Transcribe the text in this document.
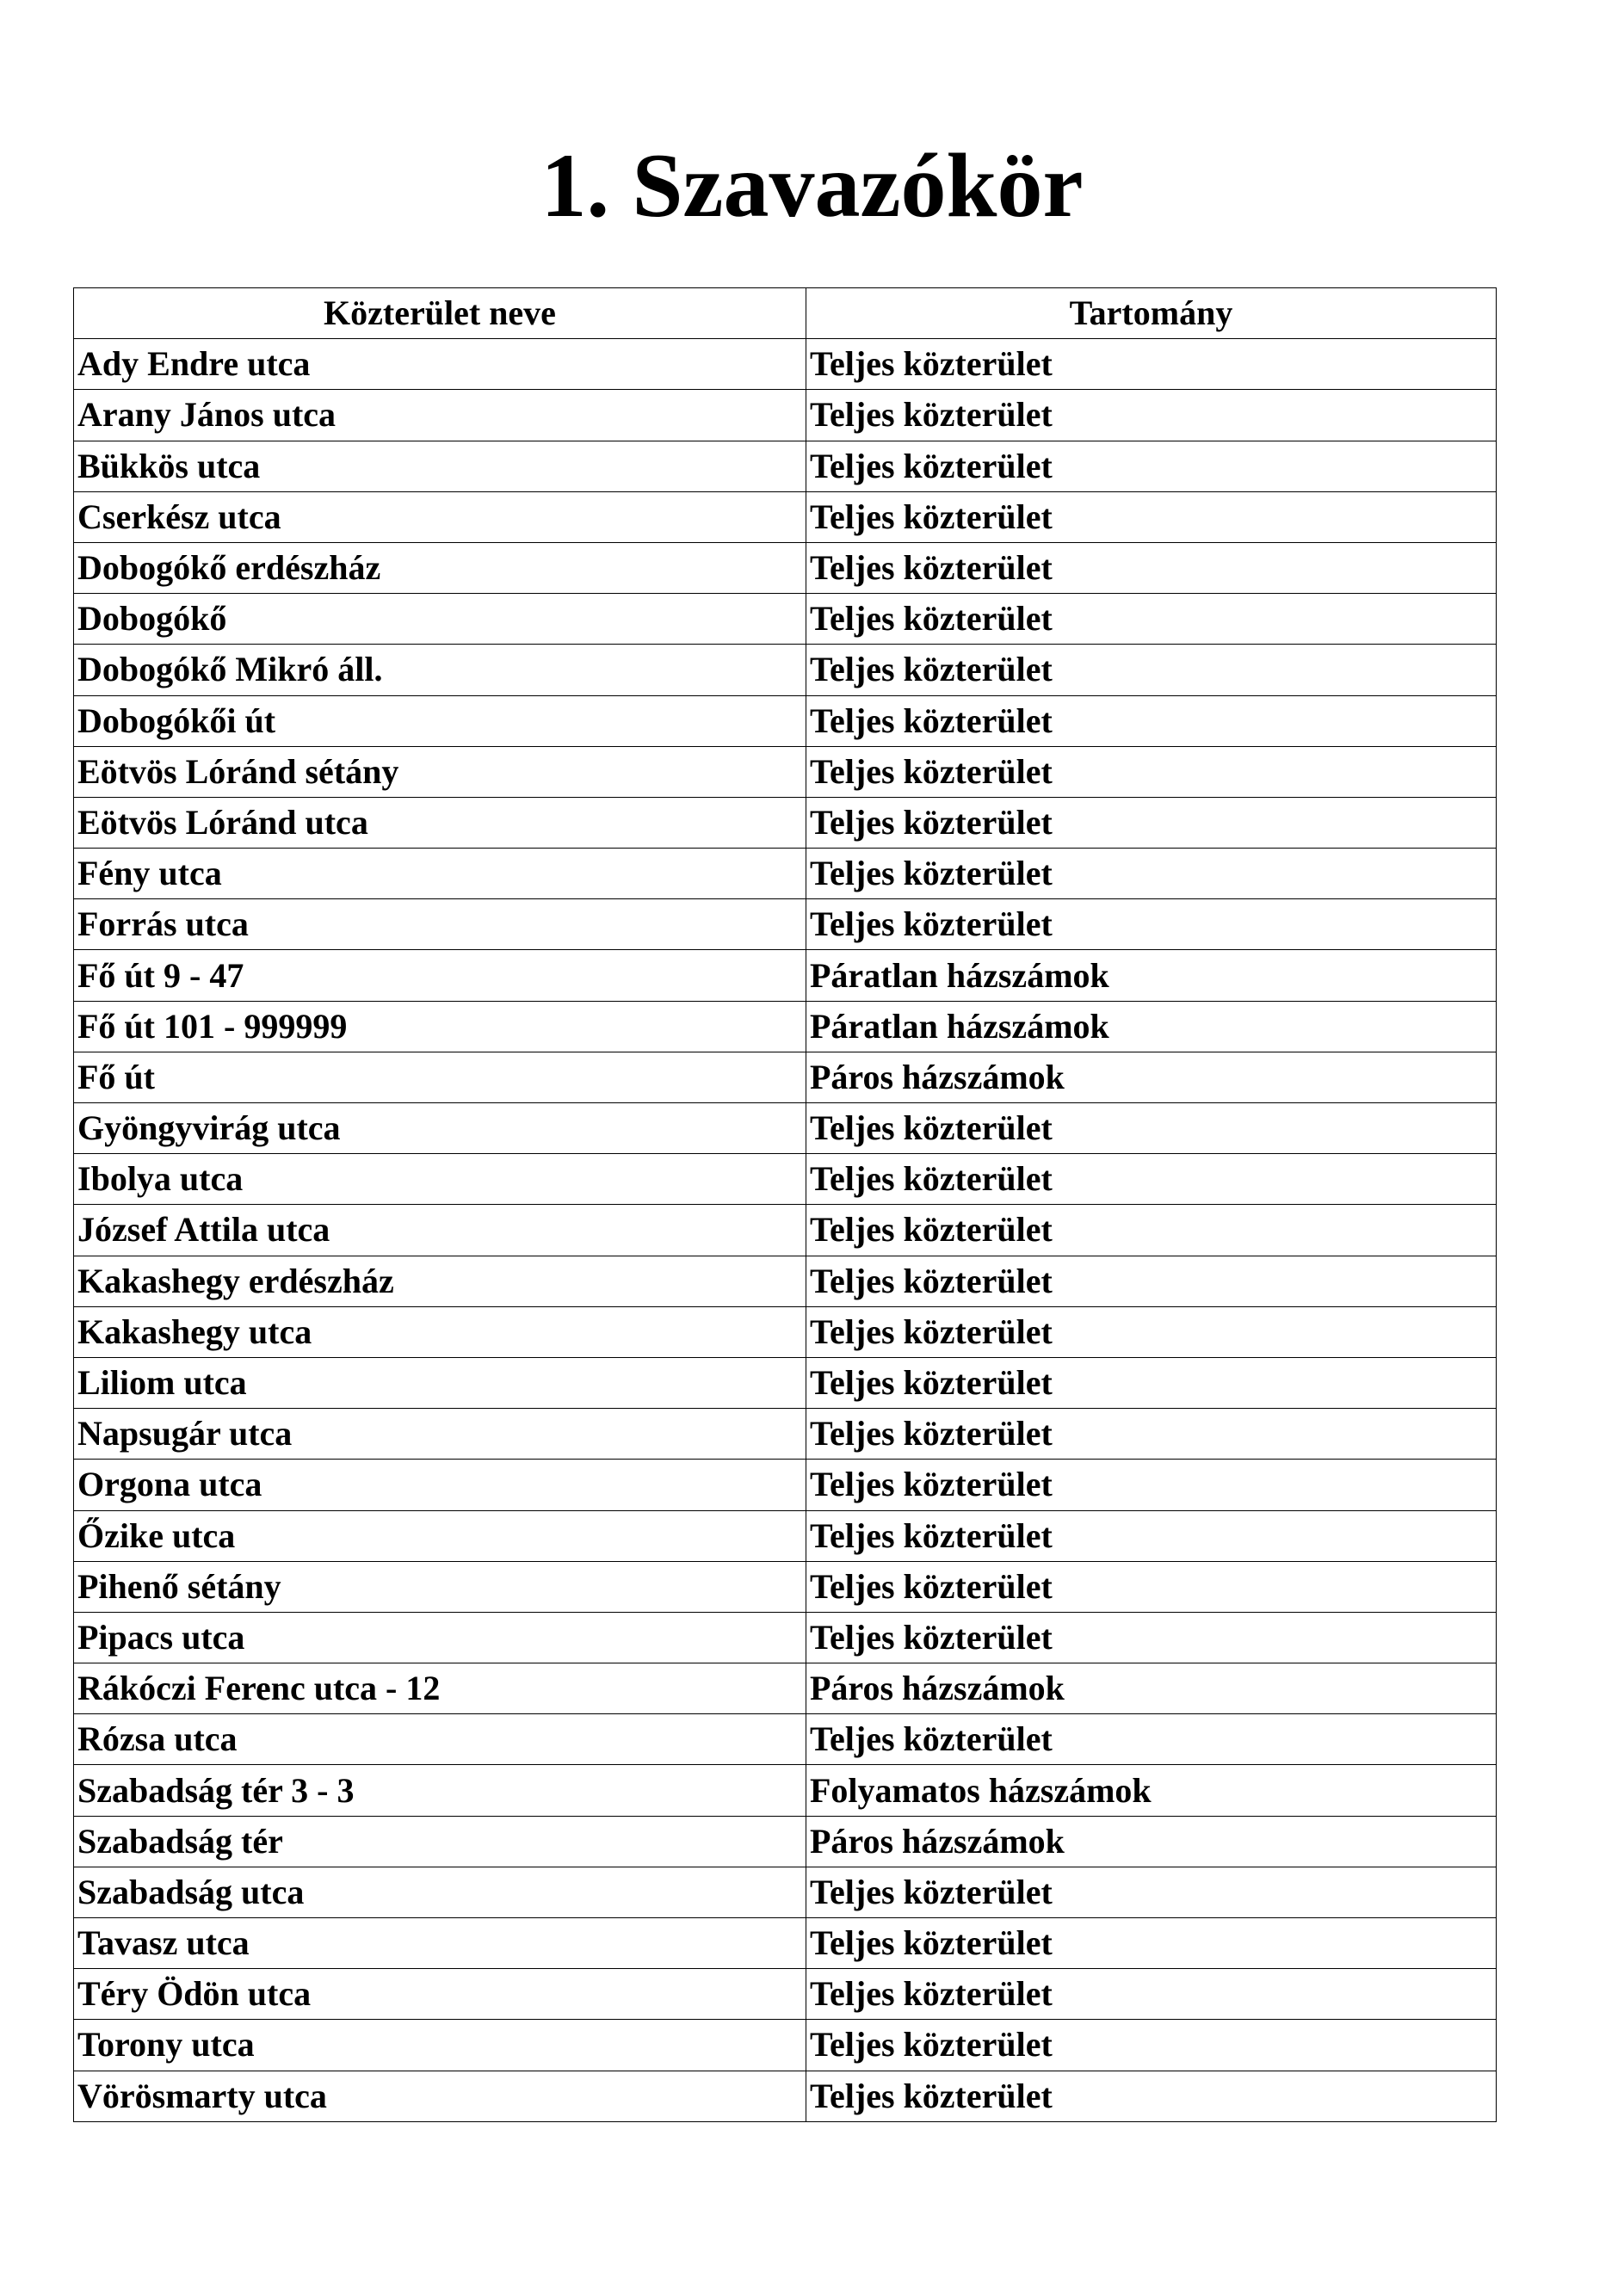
1. Szavazókör
Közterület neve	Tartomány
Ady Endre utca	Teljes közterület
Arany János utca	Teljes közterület
Bükkös utca	Teljes közterület
Cserkész utca	Teljes közterület
Dobogókő erdészház	Teljes közterület
Dobogókő	Teljes közterület
Dobogókő Mikró áll.	Teljes közterület
Dobogókői út	Teljes közterület
Eötvös Lóránd sétány	Teljes közterület
Eötvös Lóránd utca	Teljes közterület
Fény utca	Teljes közterület
Forrás utca	Teljes közterület
Fő út 9 - 47	Páratlan házszámok
Fő út 101 - 999999	Páratlan házszámok
Fő út	Páros házszámok
Gyöngyvirág utca	Teljes közterület
Ibolya utca	Teljes közterület
József Attila utca	Teljes közterület
Kakashegy erdészház	Teljes közterület
Kakashegy utca	Teljes közterület
Liliom utca	Teljes közterület
Napsugár utca	Teljes közterület
Orgona utca	Teljes közterület
Őzike utca	Teljes közterület
Pihenő sétány	Teljes közterület
Pipacs utca	Teljes közterület
Rákóczi Ferenc utca - 12	Páros házszámok
Rózsa utca	Teljes közterület
Szabadság tér 3 - 3	Folyamatos házszámok
Szabadság tér	Páros házszámok
Szabadság utca	Teljes közterület
Tavasz utca	Teljes közterület
Téry Ödön utca	Teljes közterület
Torony utca	Teljes közterület
Vörösmarty utca	Teljes közterület
